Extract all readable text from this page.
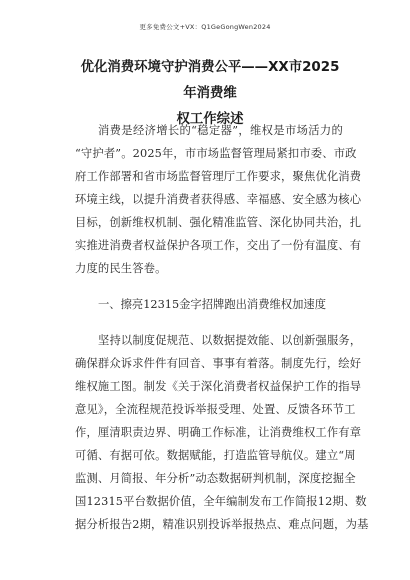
更多免费公文+VX：Q1GeGongWen2024
优化消费环境守护消费公平——XX市2025年消费维
权工作综述
消费是经济增长的“稳定器”，维权是市场活力的
“守护者”。2025年，市市场监督管理局紧扣市委、市政
府工作部署和省市场监督管理厅工作要求，聚焦优化消费
环境主线，以提升消费者获得感、幸福感、安全感为核心
目标，创新维权机制、强化精准监管、深化协同共治，扎
实推进消费者权益保护各项工作，交出了一份有温度、有
力度的民生答卷。
一、擦亮12315金字招牌跑出消费维权加速度
坚持以制度促规范、以数据提效能、以创新强服务，
确保群众诉求件件有回音、事事有着落。制度先行，绘好
维权施工图。制发《关于深化消费者权益保护工作的指导
意见》，全流程规范投诉举报受理、处置、反馈各环节工
作，厘清职责边界、明确工作标准，让消费维权工作有章
可循、有据可依。数据赋能，打造监管导航仪。建立“周
监测、月简报、年分析”动态数据研判机制，深度挖掘全
国12315平台数据价值，全年编制发布工作简报12期、数
据分析报告2期，精准识别投诉举报热点、难点问题，为基
